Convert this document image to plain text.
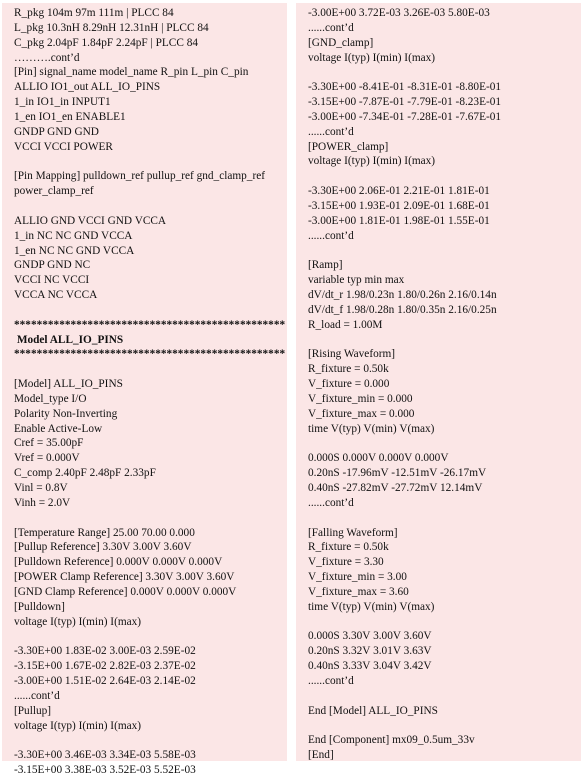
R_pkg 104m 97m 111m | PLCC 84
L_pkg 10.3nH 8.29nH 12.31nH | PLCC 84
C_pkg 2.04pF 1.84pF 2.24pF | PLCC 84
……….cont’d
[Pin] signal_name model_name R_pin L_pin C_pin
ALLIO IO1_out ALL_IO_PINS
1_in IO1_in INPUT1
1_en IO1_en ENABLE1
GNDP GND GND
VCCI VCCI POWER
[Pin Mapping] pulldown_ref pullup_ref gnd_clamp_ref
power_clamp_ref
ALLIO GND VCCI GND VCCA
1_in NC NC GND VCCA
1_en NC NC GND VCCA
GNDP GND NC
VCCI NC VCCI
VCCA NC VCCA
************************************************
Model ALL_IO_PINS
************************************************
[Model] ALL_IO_PINS
Model_type I/O
Polarity Non-Inverting
Enable Active-Low
Cref = 35.00pF
Vref = 0.000V
C_comp 2.40pF 2.48pF 2.33pF
Vinl = 0.8V
Vinh = 2.0V
[Temperature Range] 25.00 70.00 0.000
[Pullup Reference] 3.30V 3.00V 3.60V
[Pulldown Reference] 0.000V 0.000V 0.000V
[POWER Clamp Reference] 3.30V 3.00V 3.60V
[GND Clamp Reference] 0.000V 0.000V 0.000V
[Pulldown]
voltage I(typ) I(min) I(max)
-3.30E+00 1.83E-02 3.00E-03 2.59E-02
-3.15E+00 1.67E-02 2.82E-03 2.37E-02
-3.00E+00 1.51E-02 2.64E-03 2.14E-02
......cont’d
[Pullup]
voltage I(typ) I(min) I(max)
-3.30E+00 3.46E-03 3.34E-03 5.58E-03
-3.15E+00 3.38E-03 3.52E-03 5.52E-03
-3.00E+00 3.72E-03 3.26E-03 5.80E-03
......cont’d
[GND_clamp]
voltage I(typ) I(min) I(max)
-3.30E+00 -8.41E-01 -8.31E-01 -8.80E-01
-3.15E+00 -7.87E-01 -7.79E-01 -8.23E-01
-3.00E+00 -7.34E-01 -7.28E-01 -7.67E-01
......cont’d
[POWER_clamp]
voltage I(typ) I(min) I(max)
-3.30E+00 2.06E-01 2.21E-01 1.81E-01
-3.15E+00 1.93E-01 2.09E-01 1.68E-01
-3.00E+00 1.81E-01 1.98E-01 1.55E-01
......cont’d
[Ramp]
variable typ min max
dV/dt_r 1.98/0.23n 1.80/0.26n 2.16/0.14n
dV/dt_f 1.98/0.28n 1.80/0.35n 2.16/0.25n
R_load = 1.00M
[Rising Waveform]
R_fixture = 0.50k
V_fixture = 0.000
V_fixture_min = 0.000
V_fixture_max = 0.000
time V(typ) V(min) V(max)
0.000S 0.000V 0.000V 0.000V
0.20nS -17.96mV -12.51mV -26.17mV
0.40nS -27.82mV -27.72mV 12.14mV
......cont’d
[Falling Waveform]
R_fixture = 0.50k
V_fixture = 3.30
V_fixture_min = 3.00
V_fixture_max = 3.60
time V(typ) V(min) V(max)
0.000S 3.30V 3.00V 3.60V
0.20nS 3.32V 3.01V 3.63V
0.40nS 3.33V 3.04V 3.42V
......cont’d
End [Model] ALL_IO_PINS
End [Component] mx09_0.5um_33v
[End]
